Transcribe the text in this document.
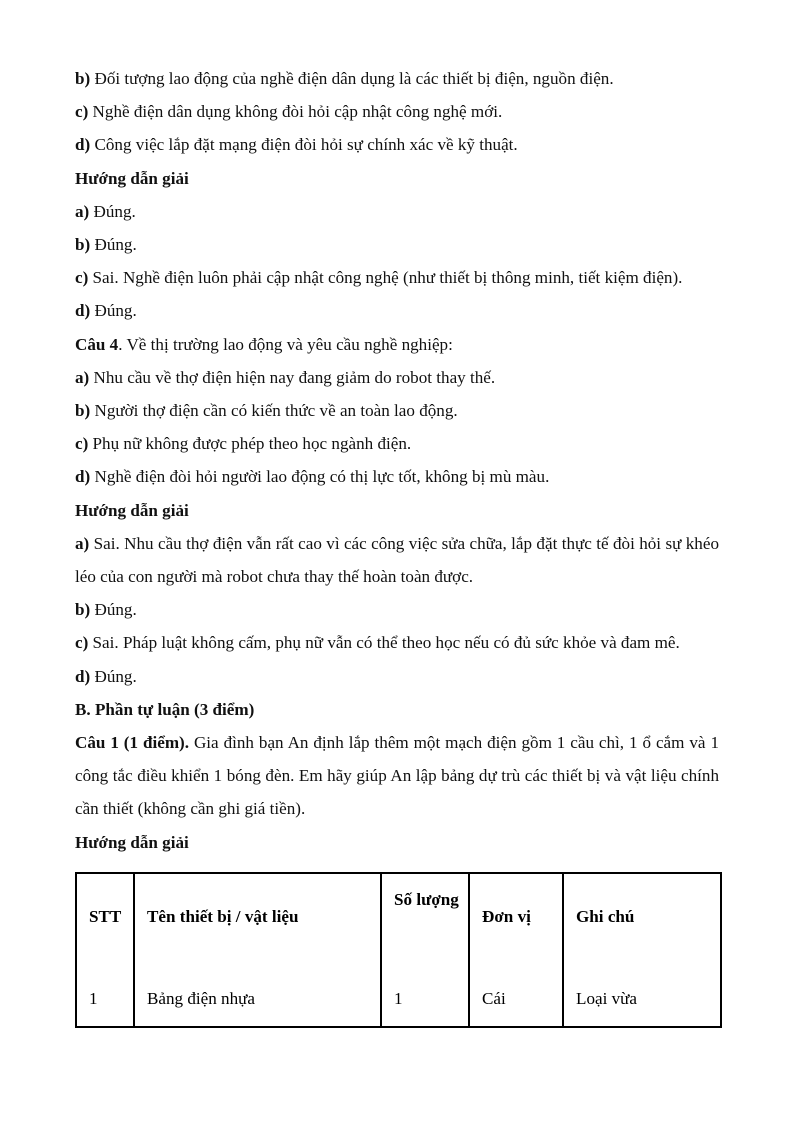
b) Đối tượng lao động của nghề điện dân dụng là các thiết bị điện, nguồn điện.

c) Nghề điện dân dụng không đòi hỏi cập nhật công nghệ mới.

d) Công việc lắp đặt mạng điện đòi hỏi sự chính xác về kỹ thuật.

Hướng dẫn giải

a) Đúng.

b) Đúng.

c) Sai. Nghề điện luôn phải cập nhật công nghệ (như thiết bị thông minh, tiết kiệm điện).

d) Đúng.

Câu 4. Về thị trường lao động và yêu cầu nghề nghiệp:

a) Nhu cầu về thợ điện hiện nay đang giảm do robot thay thế.

b) Người thợ điện cần có kiến thức về an toàn lao động.

c) Phụ nữ không được phép theo học ngành điện.

d) Nghề điện đòi hỏi người lao động có thị lực tốt, không bị mù màu.

Hướng dẫn giải

a) Sai. Nhu cầu thợ điện vẫn rất cao vì các công việc sửa chữa, lắp đặt thực tế đòi hỏi sự khéo léo của con người mà robot chưa thay thế hoàn toàn được.

b) Đúng.

c) Sai. Pháp luật không cấm, phụ nữ vẫn có thể theo học nếu có đủ sức khỏe và đam mê.

d) Đúng.

B. Phần tự luận (3 điểm)

Câu 1 (1 điểm). Gia đình bạn An định lắp thêm một mạch điện gồm 1 cầu chì, 1 ổ cắm và 1 công tắc điều khiển 1 bóng đèn. Em hãy giúp An lập bảng dự trù các thiết bị và vật liệu chính cần thiết (không cần ghi giá tiền).

Hướng dẫn giải

STT	Tên thiết bị / vật liệu	Số lượng	Đơn vị	Ghi chú
1	Bảng điện nhựa	1	Cái	Loại vừa
